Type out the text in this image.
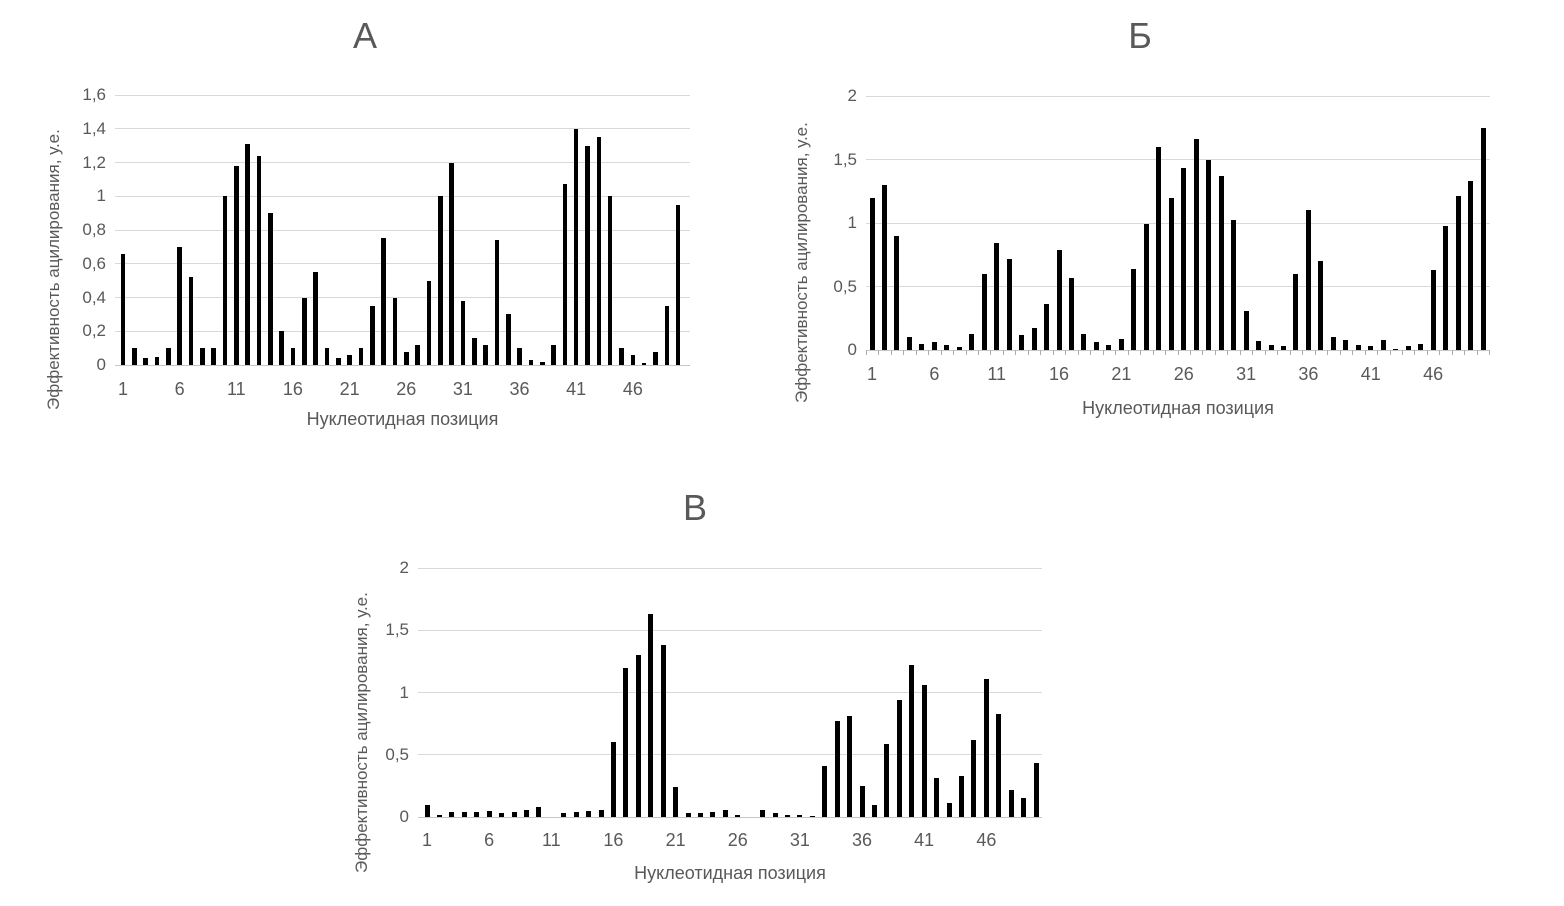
А
Эффективность ацилирования, у.е.	0
0,2
0,4
0,6
0,8
1
1,2
1,4
1,6
1	6	11	16	21	26	31	36	41	46
Нуклеотидная позиция
Б
Эффективность ацилирования, у.е.	0
0,5
1
1,5
2
1	6	11	16	21	26	31	36	41	46
Нуклеотидная позиция
В
Эффективность ацилирования, у.е.	0
0,5
1
1,5
2
1	6	11	16	21	26	31	36	41	46
Нуклеотидная позиция
